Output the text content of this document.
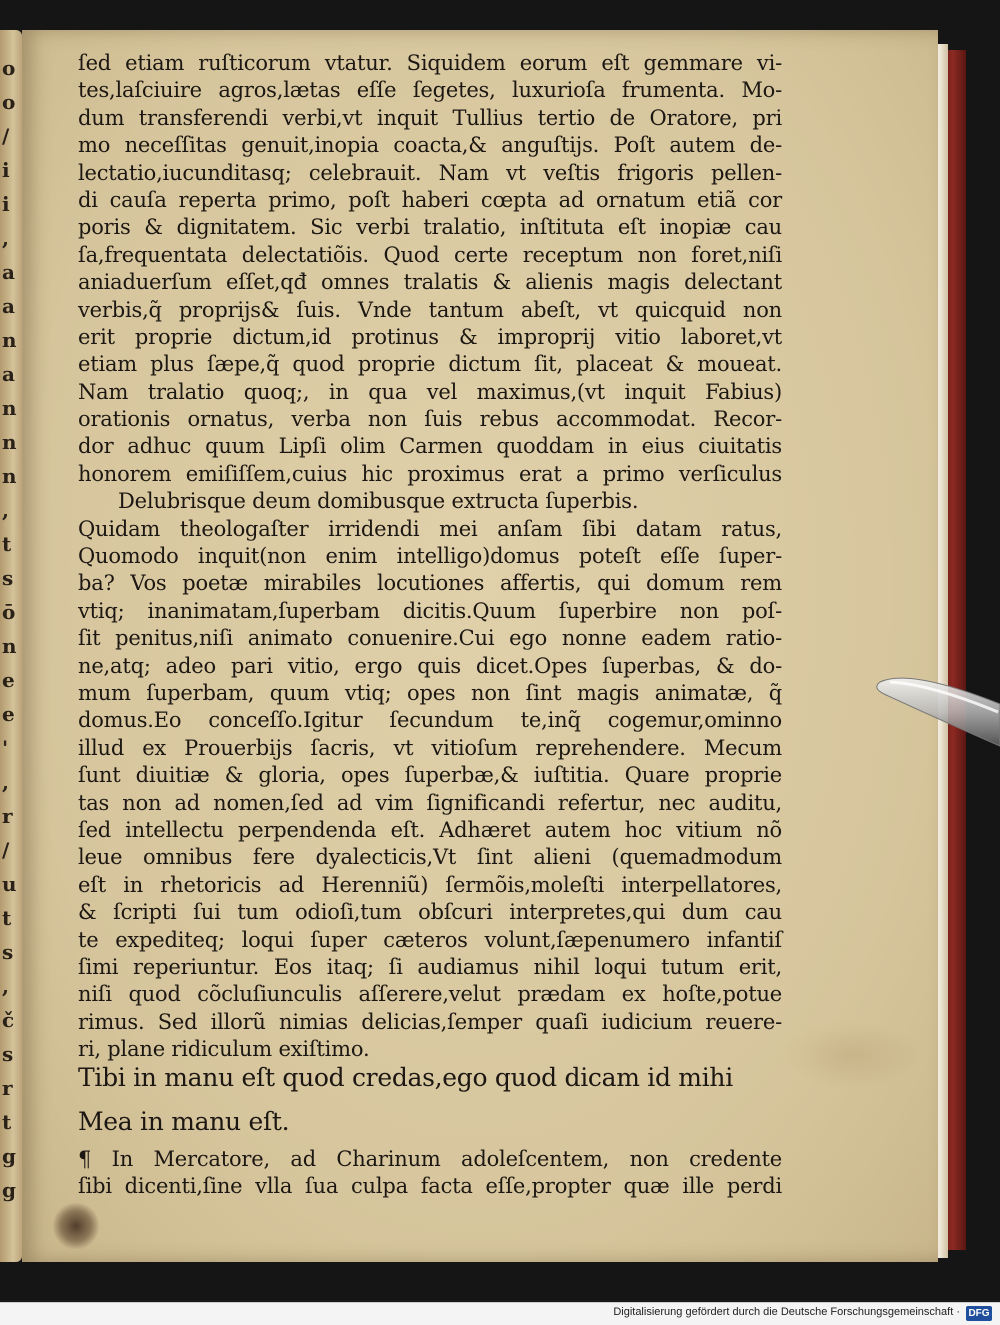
o
o
/
i
i
,
a
a
n
a
n
n
n
,
t
s
ō
n
e
e
'
,
r
/
u
t
s
,
č
s
r
t
g
g
ſed etiam ruſticorum vtatur. Siquidem eorum eſt gemmare vi-
tes,laſciuire agros,lætas eſſe ſegetes, luxurioſa frumenta. Mo-
dum transferendi verbi,vt inquit Tullius tertio de Oratore, pri
mo neceſſitas genuit,inopia coacta,& anguſtijs. Poſt autem de-
lectatio,iucunditasq; celebrauit. Nam vt veſtis frigoris pellen-
di cauſa reperta primo, poſt haberi cœpta ad ornatum etiã cor
poris & dignitatem. Sic verbi tralatio, inſtituta eſt inopiæ cau
ſa,frequentata delectatiõis. Quod certe receptum non foret,niſi
aniaduerſum eſſet,qđ omnes tralatis & alienis magis delectant
verbis,q̃ proprijs& ſuis. Vnde tantum abeſt, vt quicquid non
erit proprie dictum,id protinus & improprij vitio laboret,vt
etiam plus ſæpe,q̃ quod proprie dictum ſit, placeat & moueat.
Nam tralatio quoq;, in qua vel maximus,(vt inquit Fabius)
orationis ornatus, verba non ſuis rebus accommodat. Recor-
dor adhuc quum Lipſi olim Carmen quoddam in eius ciuitatis
honorem emiſiſſem,cuius hic proximus erat a primo verſiculus
Delubrisque deum domibusque extructa ſuperbis.
Quidam theologaſter irridendi mei anſam ſibi datam ratus,
Quomodo inquit(non enim intelligo)domus poteſt eſſe ſuper-
ba? Vos poetæ mirabiles locutiones affertis, qui domum rem
vtiq; inanimatam,ſuperbam dicitis.Quum ſuperbire non poſ-
ſit penitus,niſi animato conuenire.Cui ego nonne eadem ratio-
ne,atq; adeo pari vitio, ergo quis dicet.Opes ſuperbas, & do-
mum ſuperbam, quum vtiq; opes non ſint magis animatæ, q̃
domus.Eo conceſſo.Igitur ſecundum te,inq̃ cogemur,ominno
illud ex Prouerbijs ſacris, vt vitioſum reprehendere. Mecum
ſunt diuitiæ & gloria, opes ſuperbæ,& iuſtitia. Quare proprie
tas non ad nomen,ſed ad vim ſignificandi refertur, nec auditu,
ſed intellectu perpendenda eſt. Adhæret autem hoc vitium nõ
leue omnibus fere dyalecticis,Vt ſint alieni (quemadmodum
eſt in rhetoricis ad Herenniũ) ſermõis,moleſti interpellatores,
& ſcripti ſui tum odioſi,tum obſcuri interpretes,qui dum cau
te expediteq; loqui ſuper cæteros volunt,ſæpenumero infantiſ
ſimi reperiuntur. Eos itaq; ſi audiamus nihil loqui tutum erit,
niſi quod cõcluſiunculis aſſerere,velut prædam ex hoſte,potue
rimus. Sed illorũ nimias delicias,ſemper quaſi iudicium reuere-
ri, plane ridiculum exiſtimo.
Tibi in manu eſt quod credas,ego quod dicam id mihi
Mea in manu eſt.
¶ In Mercatore, ad Charinum adoleſcentem, non credente
ſibi dicenti,ſine vlla ſua culpa facta eſſe,propter quæ ille perdi
Digitalisierung gefördert durch die Deutsche Forschungsgemeinschaft · DFG
